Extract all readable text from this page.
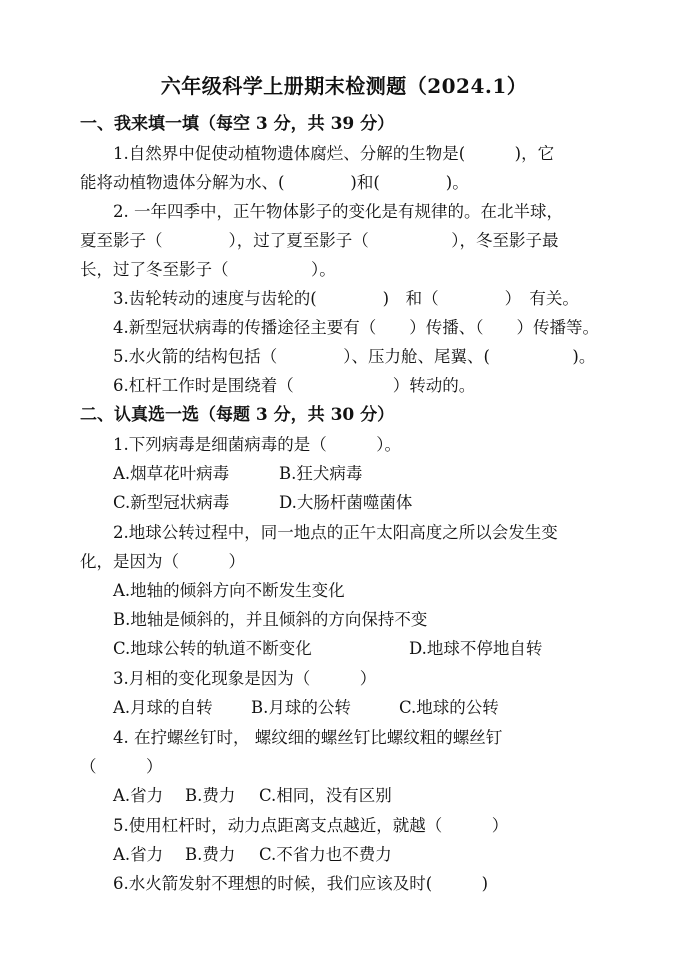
六年级科学上册期末检测题（2024.1）
一、我来填一填（每空 3 分，共 39 分）
1.自然界中促使动植物遗体腐烂、分解的生物是(　　　)，它
能将动植物遗体分解为水、(　　　　)和(　　　　)。
2. 一年四季中，正午物体影子的变化是有规律的。在北半球，
夏至影子（　　　　），过了夏至影子（　　　　　），冬至影子最
长，过了冬至影子（　　　　　）。
3.齿轮转动的速度与齿轮的(　　　　)　和（　　　　）　有关。
4.新型冠状病毒的传播途径主要有（　　）传播、（　　）传播等。
5.水火箭的结构包括（　　　　）、压力舱、尾翼、(　　　　　)。
6.杠杆工作时是围绕着（　　　　　　）转动的。
二、认真选一选（每题 3 分，共 30 分）
1.下列病毒是细菌病毒的是（　　　）。
A.烟草花叶病毒	B.狂犬病毒
C.新型冠状病毒	D.大肠杆菌噬菌体
2.地球公转过程中，同一地点的正午太阳高度之所以会发生变
化，是因为（　　　）
A.地轴的倾斜方向不断发生变化
B.地轴是倾斜的，并且倾斜的方向保持不变
C.地球公转的轨道不断变化	D.地球不停地自转
3.月相的变化现象是因为（　　　）
A.月球的自转 B.月球的公转	C.地球的公转
4. 在拧螺丝钉时， 螺纹细的螺丝钉比螺纹粗的螺丝钉
（　　　）
A.省力 B.费力 C.相同，没有区别
5.使用杠杆时，动力点距离支点越近，就越（　　　）
A.省力 B.费力 C.不省力也不费力
6.水火箭发射不理想的时候，我们应该及时(　　　)
